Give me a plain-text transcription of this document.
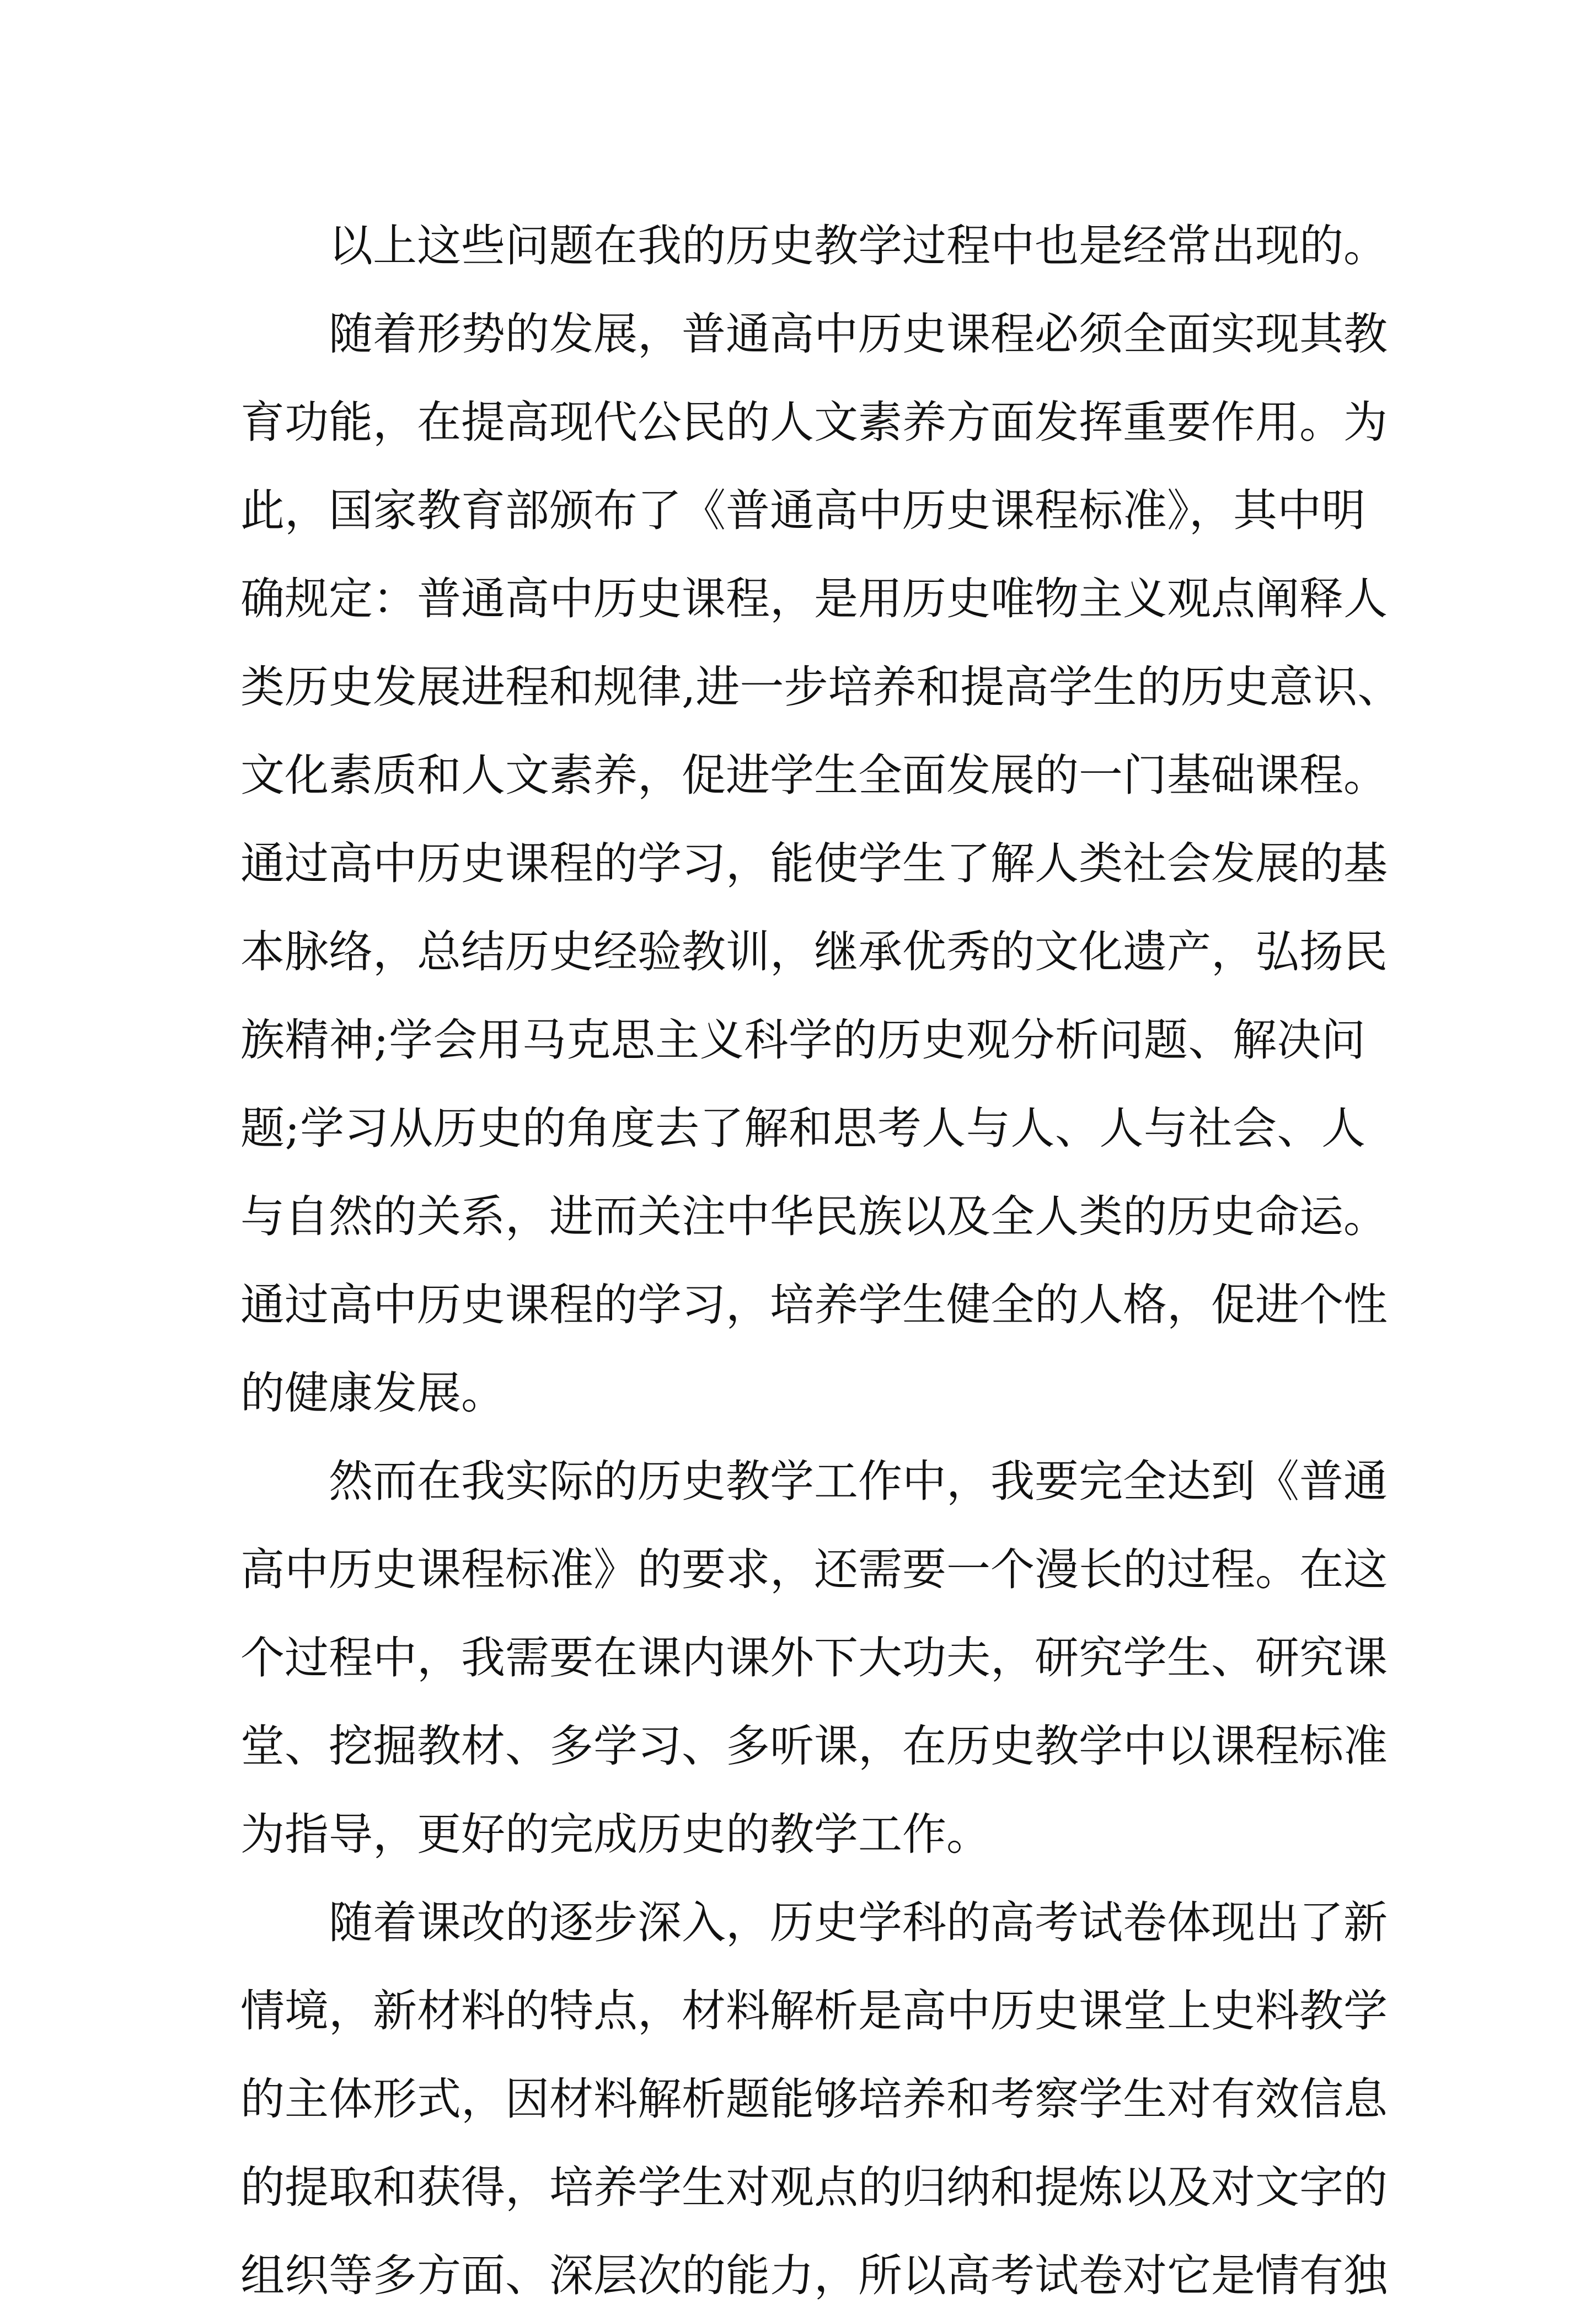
以上这些问题在我的历史教学过程中也是经常出现的。
随着形势的发展，普通高中历史课程必须全面实现其教
育功能，在提高现代公民的人文素养方面发挥重要作用。为
此，国家教育部颁布了《普通高中历史课程标准》，其中明
确规定：普通高中历史课程，是用历史唯物主义观点阐释人
类历史发展进程和规律,进一步培养和提高学生的历史意识、
文化素质和人文素养，促进学生全面发展的一门基础课程。
通过高中历史课程的学习，能使学生了解人类社会发展的基
本脉络，总结历史经验教训，继承优秀的文化遗产，弘扬民
族精神;学会用马克思主义科学的历史观分析问题、解决问
题;学习从历史的角度去了解和思考人与人、人与社会、人
与自然的关系，进而关注中华民族以及全人类的历史命运。
通过高中历史课程的学习，培养学生健全的人格，促进个性
的健康发展。
然而在我实际的历史教学工作中，我要完全达到《普通
高中历史课程标准》的要求，还需要一个漫长的过程。在这
个过程中，我需要在课内课外下大功夫，研究学生、研究课
堂、挖掘教材、多学习、多听课，在历史教学中以课程标准
为指导，更好的完成历史的教学工作。
随着课改的逐步深入，历史学科的高考试卷体现出了新
情境，新材料的特点，材料解析是高中历史课堂上史料教学
的主体形式，因材料解析题能够培养和考察学生对有效信息
的提取和获得，培养学生对观点的归纳和提炼以及对文字的
组织等多方面、深层次的能力，所以高考试卷对它是情有独
